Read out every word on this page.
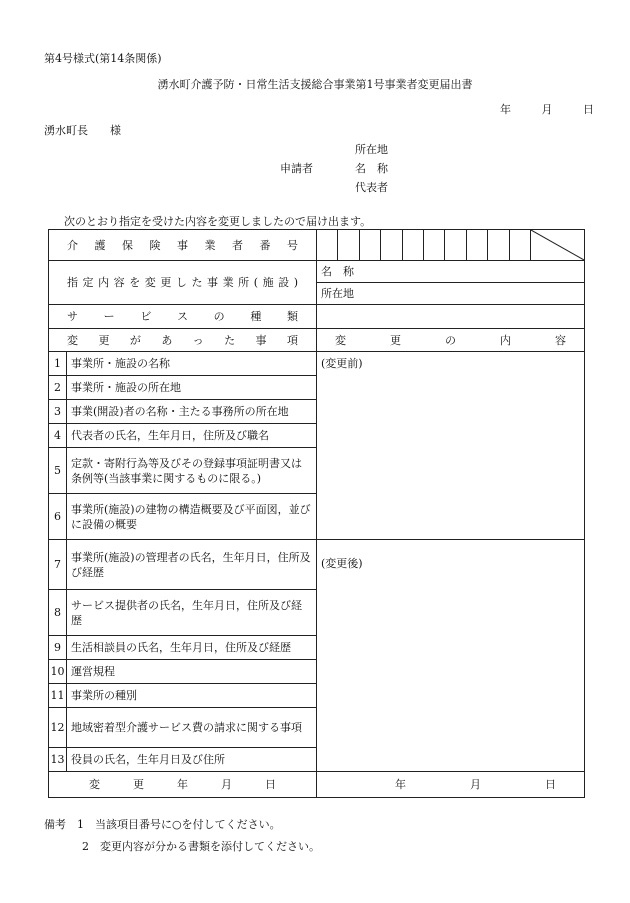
第4号様式(第14条関係)
湧水町介護予防・日常生活支援総合事業第1号事業者変更届出書
年	月	日
湧水町長 様
所在地
申請者	名　称
代表者
次のとおり指定を受けた内容を変更しましたので届け出ます。
介護保険事業者番号	

指定内容を変更した事業所(施設)		名　称
		所在地
サービスの種類		
変更があった事項		変更の内容
1	事業所・施設の名称	(変更前)
2	事業所・施設の所在地	
3	事業(開設)者の名称・主たる事務所の所在地	
4	代表者の氏名，生年月日，住所及び職名	
5	定款・寄附行為等及びその登録事項証明書又は条例等(当該事業に関するものに限る。)	
6	事業所(施設)の建物の構造概要及び平面図，並びに設備の概要	
7	事業所(施設)の管理者の氏名，生年月日，住所及び経歴	(変更後)
8	サービス提供者の氏名，生年月日，住所及び経歴	
9	生活相談員の氏名，生年月日，住所及び経歴	
10	運営規程	
11	事業所の種別	
12	地域密着型介護サービス費の請求に関する事項	
13	役員の氏名，生年月日及び住所	
変更年月日		年 月 日
備考　 1　当該項目番号に○を付してください。
2　変更内容が分かる書類を添付してください。
